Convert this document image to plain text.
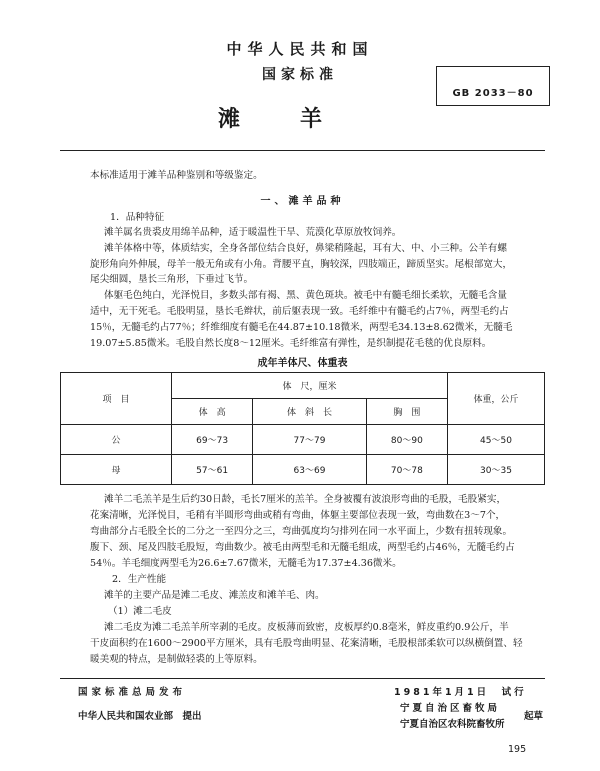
中华人民共和国
国家标准
滩羊
GB 2033－80
本标准适用于滩羊品种鉴别和等级鉴定。
一、滩羊品种
1．品种特征
滩羊属名贵裘皮用绵羊品种，适于暖温性干旱、荒漠化草原放牧饲养。
滩羊体格中等，体质结实，全身各部位结合良好，鼻梁稍隆起，耳有大、中、小三种。公羊有螺
旋形角向外伸展，母羊一般无角或有小角。背腰平直，胸较深，四肢端正，蹄质坚实。尾根部宽大，
尾尖细圆，垦长三角形，下垂过飞节。
体躯毛色纯白，光泽悦目，多数头部有褐、黑、黄色斑块。被毛中有髓毛细长柔软，无髓毛含量
适中，无干死毛。毛股明显，垦长毛辫状，前后躯表现一致。毛纤维中有髓毛约占7％，两型毛约占
15％，无髓毛约占77％；纤维细度有髓毛在44.87±10.18微米，两型毛34.13±8.62微米，无髓毛
19.07±5.85微米。毛股自然长度8～12厘米。毛纤维富有弹性，是织制提花毛毯的优良原料。
成年羊体尺、体重表
项　目	体　尺，厘米			体重，公斤
	体　高	体　斜　长	胸　围	
公	69～73	77～79	80～90	45～50
母	57～61	63～69	70～78	30～35
滩羊二毛羔羊是生后约30日龄，毛长7厘米的羔羊。全身被覆有波浪形弯曲的毛股，毛股紧实，
花案清晰，光泽悦目，毛稍有半圆形弯曲或稍有弯曲，体躯主要部位表现一致，弯曲数在3～7个，
弯曲部分占毛股全长的二分之一至四分之三，弯曲弧度均匀排列在同一水平面上，少数有扭转现象。
腹下、颈、尾及四肢毛股短，弯曲数少。被毛由两型毛和无髓毛组成，两型毛约占46％，无髓毛约占
54％。羊毛细度两型毛为26.6±7.67微米，无髓毛为17.37±4.36微米。
2．生产性能
滩羊的主要产品是滩二毛皮、滩羔皮和滩羊毛、肉。
（1）滩二毛皮
滩二毛皮为滩二毛羔羊所宰剥的毛皮。皮板薄而致密，皮板厚约0.8毫米，鲜皮重约0.9公斤，半
干皮面积约在1600～2900平方厘米，具有毛股弯曲明显、花案清晰，毛股根部柔软可以纵横倒置、轻
暖美观的特点，是制做轻裘的上等原料。
国家标准总局发布
中华人民共和国农业部　提出
1981年1月1日　试行
宁夏自治区畜牧局
宁夏自治区农科院畜牧所
起草
195
